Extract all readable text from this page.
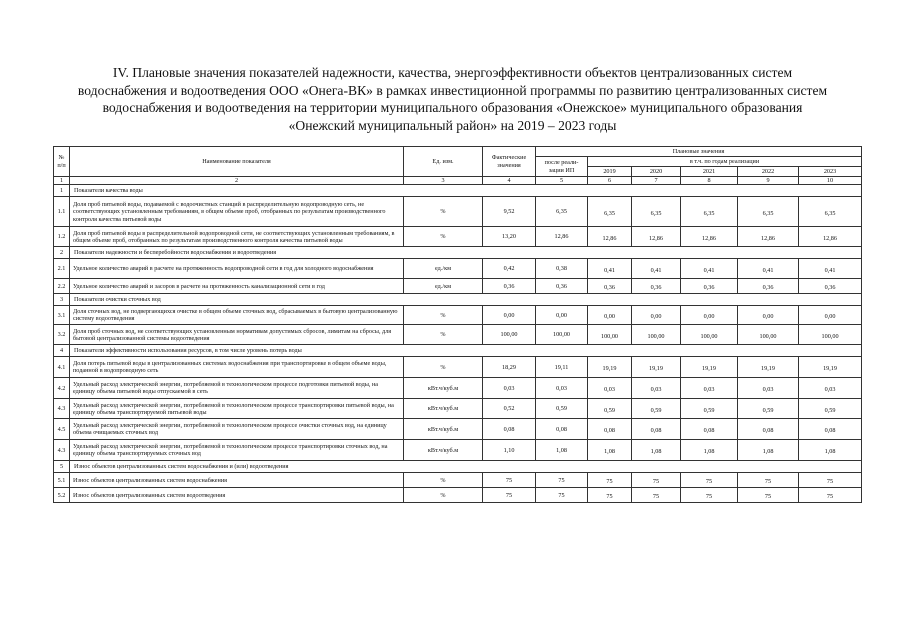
IV. Плановые значения показателей надежности, качества, энергоэффективности объектов централизованных систем
водоснабжения и водоотведения ООО «Онега-ВК» в рамках инвестиционной программы по развитию централизованных систем
водоснабжения и водоотведения на территории муниципального образования «Онежское» муниципального образования
«Онежский муниципальный район» на 2019 – 2023 годы
№ п/п	Наименование показателя	Ед. изм.	Фактические значения	Плановые значения					
				после реали-зации ИП	в т.ч. по годам реализации				
					2019	2020	2021	2022	2023
1	2	3	4	5	6	7	8	9	10
1	Показатели качества воды								
1.1	Доля проб питьевой воды, подаваемой с водоочистных станций в распределительную водопроводную сеть, не соответствующих установленным требованиям, в общем объеме проб, отобранных по результатам производственного контроля качества питьевой воды	%	9,52	6,35	6,35	6,35	6,35	6,35	6,35
1.2	Доля проб питьевой воды в распределительной водопроводной сети, не соответствующих установленным требованиям, в общем объеме проб, отобранных по результатам производственного контроля качества питьевой воды	%	13,20	12,86	12,86	12,86	12,86	12,86	12,86
2	Показатели надежности и бесперебойности водоснабжения и водоотведения								
2.1	Удельное количество аварий в расчете на протяженность водопроводной сети в год для холодного водоснабжения	ед./км	0,42	0,38	0,41	0,41	0,41	0,41	0,41
2.2	Удельное количество аварий и засоров в расчете на протяженность канализационной сети в год	ед./км	0,36	0,36	0,36	0,36	0,36	0,36	0,36
3	Показатели очистки сточных вод								
3.1	Доля сточных вод, не подвергающихся очистке в общем объеме сточных вод, сбрасываемых в бытовую централизованную систему водоотведения	%	0,00	0,00	0,00	0,00	0,00	0,00	0,00
3.2	Доля проб сточных вод, не соответствующих установленным нормативам допустимых сбросов, лимитам на сбросы, для бытовой централизованной системы водоотведения	%	100,00	100,00	100,00	100,00	100,00	100,00	100,00
4	Показатели эффективности использования ресурсов, в том числе уровень потерь воды								
4.1	Доля потерь питьевой воды в централизованных системах водоснабжения при транспортировке в общем объеме воды, поданной в водопроводную сеть	%	18,29	19,11	19,19	19,19	19,19	19,19	19,19
4.2	Удельный расход электрической энергии, потребляемой в технологическом процессе подготовки питьевой воды, на единицу объема питьевой воды отпускаемой в сеть	кВт.ч/куб.м	0,03	0,03	0,03	0,03	0,03	0,03	0,03
4.3	Удельный расход электрической энергии, потребляемой в технологическом процессе транспортировки питьевой воды, на единицу объема транспортируемой питьевой воды	кВт.ч/куб.м	0,52	0,59	0,59	0,59	0,59	0,59	0,59
4.5	Удельный расход электрической энергии, потребляемой в технологическом процессе очистки сточных вод, на единицу объема очищаемых сточных вод	кВт.ч/куб.м	0,08	0,08	0,08	0,08	0,08	0,08	0,08
4.3	Удельный расход электрической энергии, потребляемой в технологическом процессе транспортировки сточных вод, на единицу объема транспортируемых сточных вод	кВт.ч/куб.м	1,10	1,08	1,08	1,08	1,08	1,08	1,08
5	Износ объектов централизованных систем водоснабжения и (или) водоотведения								
5.1	Износ объектов централизованных систем водоснабжения	%	75	75	75	75	75	75	75
5.2	Износ объектов централизованных систем водоотведения	%	75	75	75	75	75	75	75
